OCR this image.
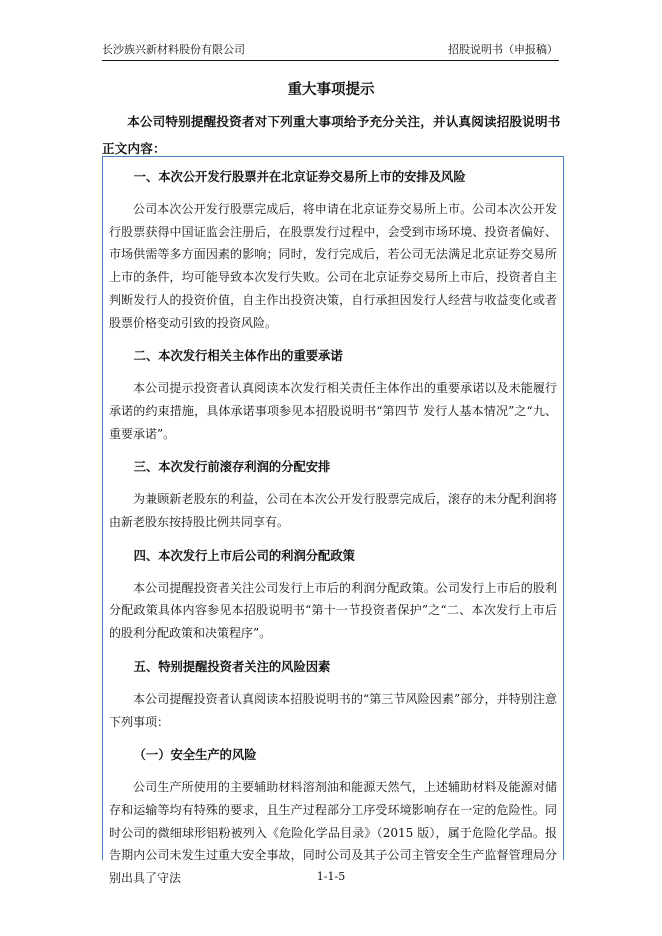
长沙族兴新材料股份有限公司	招股说明书（申报稿）
重大事项提示
本公司特别提醒投资者对下列重大事项给予充分关注，并认真阅读招股说明书正文内容：
一、本次公开发行股票并在北京证券交易所上市的安排及风险

公司本次公开发行股票完成后，将申请在北京证券交易所上市。公司本次公开发行股票获得中国证监会注册后，在股票发行过程中，会受到市场环境、投资者偏好、市场供需等多方面因素的影响；同时，发行完成后，若公司无法满足北京证券交易所上市的条件，均可能导致本次发行失败。公司在北京证券交易所上市后，投资者自主判断发行人的投资价值，自主作出投资决策，自行承担因发行人经营与收益变化或者股票价格变动引致的投资风险。

二、本次发行相关主体作出的重要承诺

本公司提示投资者认真阅读本次发行相关责任主体作出的重要承诺以及未能履行承诺的约束措施，具体承诺事项参见本招股说明书“第四节 发行人基本情况”之“九、重要承诺”。

三、本次发行前滚存利润的分配安排

为兼顾新老股东的利益，公司在本次公开发行股票完成后，滚存的未分配利润将由新老股东按持股比例共同享有。

四、本次发行上市后公司的利润分配政策

本公司提醒投资者关注公司发行上市后的利润分配政策。公司发行上市后的股利分配政策具体内容参见本招股说明书“第十一节投资者保护”之“二、本次发行上市后的股利分配政策和决策程序”。

五、特别提醒投资者关注的风险因素

本公司提醒投资者认真阅读本招股说明书的“第三节风险因素”部分，并特别注意下列事项：

（一）安全生产的风险

公司生产所使用的主要辅助材料溶剂油和能源天然气，上述辅助材料及能源对储存和运输等均有特殊的要求，且生产过程部分工序受环境影响存在一定的危险性。同时公司的微细球形铝粉被列入《危险化学品目录》（2015 版），属于危险化学品。报告期内公司未发生过重大安全事故，同时公司及其子公司主管安全生产监督管理局分别出具了守法	1-1-5
